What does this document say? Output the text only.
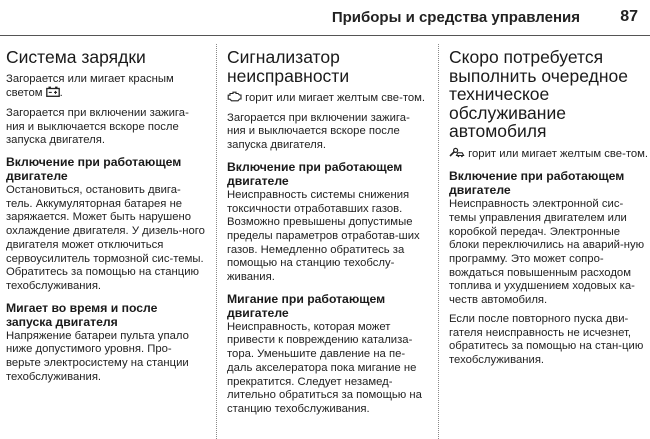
Приборы и средства управления	87
Система зарядки

Загорается или мигает красным светом .

Загорается при включении зажига-ния и выключается вскоре после запуска двигателя.

Включение при работающем двигателе

Остановиться, остановить двига-тель. Аккумуляторная батарея не заряжается. Может быть нарушено охлаждение двигателя. У дизель-ного двигателя может отключиться сервоусилитель тормозной сис-темы. Обратитесь за помощью на станцию техобслуживания.

Мигает во время и после запуска двигателя

Напряжение батареи пульта упало ниже допустимого уровня. Про-верьте электросистему на станции техобслуживания.

Сигнализатор неисправности

горит или мигает желтым све-том.

Загорается при включении зажига-ния и выключается вскоре после запуска двигателя.

Включение при работающем двигателе

Неисправность системы снижения токсичности отработавших газов. Возможно превышены допустимые пределы параметров отработав-ших газов. Немедленно обратитесь за помощью на станцию техобслу-живания.

Мигание при работающем двигателе

Неисправность, которая может привести к повреждению катализа-тора. Уменьшите давление на пе-даль акселератора пока мигание не прекратится. Следует незамед-лительно обратиться за помощью на станцию техобслуживания.

Скоро потребуется выполнить очередное техническое обслуживание автомобиля

горит или мигает желтым све-том.

Включение при работающем двигателе

Неисправность электронной сис-темы управления двигателем или коробкой передач. Электронные блоки переключились на аварий-ную программу. Это может сопро-вождаться повышенным расходом топлива и ухудшением ходовых ка-честв автомобиля.

Если после повторного пуска дви-гателя неисправность не исчезнет, обратитесь за помощью на стан-цию техобслуживания.
